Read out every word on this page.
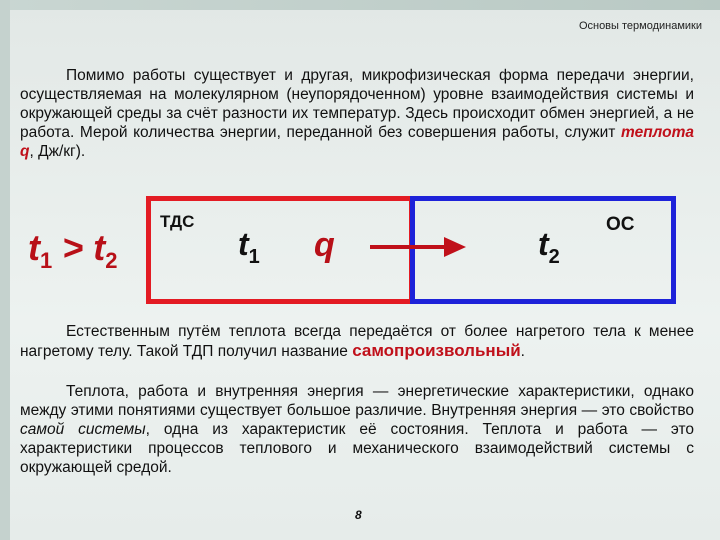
Основы термодинамики
Помимо работы существует и другая, микрофизическая форма передачи энергии, осуществляемая на молекулярном (неупорядоченном) уровне взаимодействия системы и окружающей среды за счёт разности их температур. Здесь происходит обмен энергией, а не работа. Мерой количества энергии, переданной без совершения работы, служит теплота q, Дж/кг).
$t_1 > t_2$
ТДС	ОС
$t_1$ q	$t_2$
Естественным путём теплота всегда передаётся от более нагретого тела к менее нагретому телу. Такой ТДП получил название самопроизвольный.
Теплота, работа и внутренняя энергия — энергетические характеристики, однако между этими понятиями существует большое различие. Внутренняя энергия — это свойство самой системы, одна из характеристик её состояния. Теплота и работа — это характеристики процессов теплового и механического взаимодействий системы с окружающей средой.
8
